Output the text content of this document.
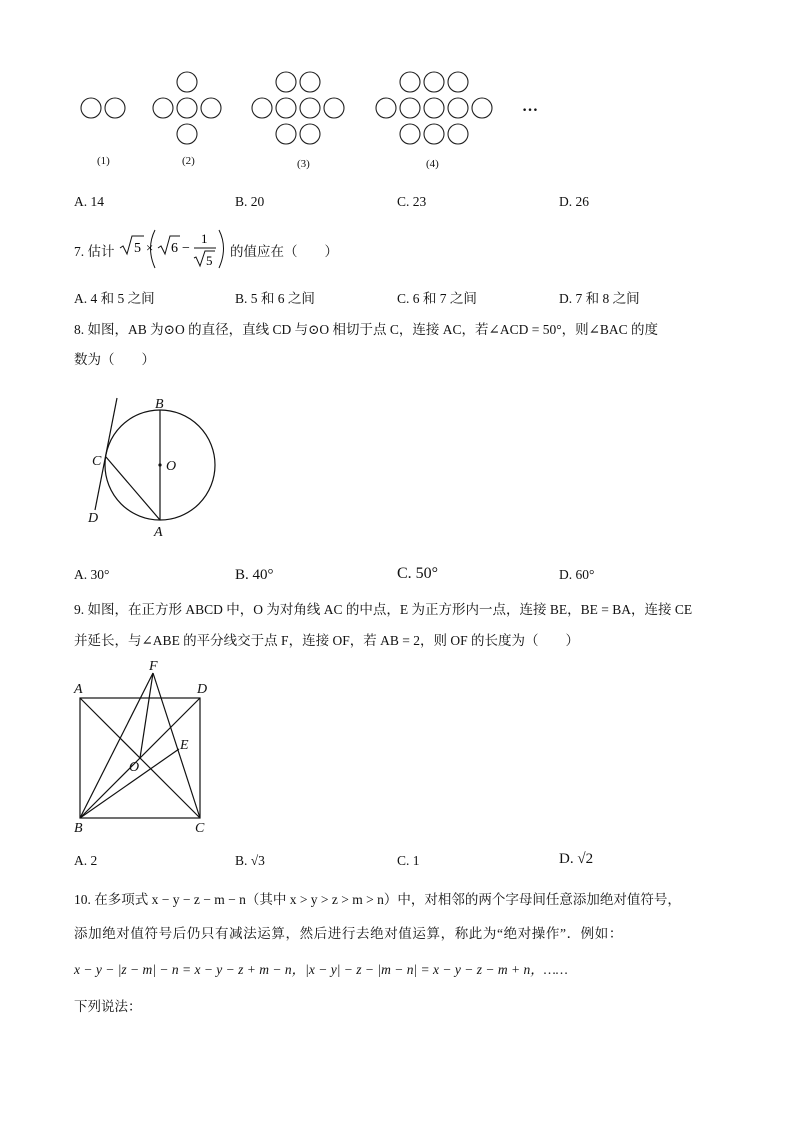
(1)	(2)	(3)	(4)
…
A. 14	B. 20	C. 23	D. 26
7. 估计 5 × 6 −
1
5
的值应在（　　）
A. 4 和 5 之间	B. 5 和 6 之间	C. 6 和 7 之间	D. 7 和 8 之间
8. 如图，AB 为⊙O 的直径，直线 CD 与⊙O 相切于点 C，连接 AC，若∠ACD = 50°，则∠BAC 的度
数为（　　）
B
C	O
D
A
A. 30°	B. 40°	C. 50°	D. 60°
9. 如图，在正方形 ABCD 中，O 为对角线 AC 的中点，E 为正方形内一点，连接 BE，BE = BA，连接 CE
并延长，与∠ABE 的平分线交于点 F，连接 OF，若 AB = 2，则 OF 的长度为（　　）
F
A	D
E
O
B	C
A. 2	B. √3	C. 1	D. √2
10. 在多项式 x − y − z − m − n（其中 x > y > z > m > n）中，对相邻的两个字母间任意添加绝对值符号，
添加绝对值符号后仍只有减法运算，然后进行去绝对值运算，称此为“绝对操作”．例如：
x − y − |z − m| − n = x − y − z + m − n，|x − y| − z − |m − n| = x − y − z − m + n，……
下列说法：
